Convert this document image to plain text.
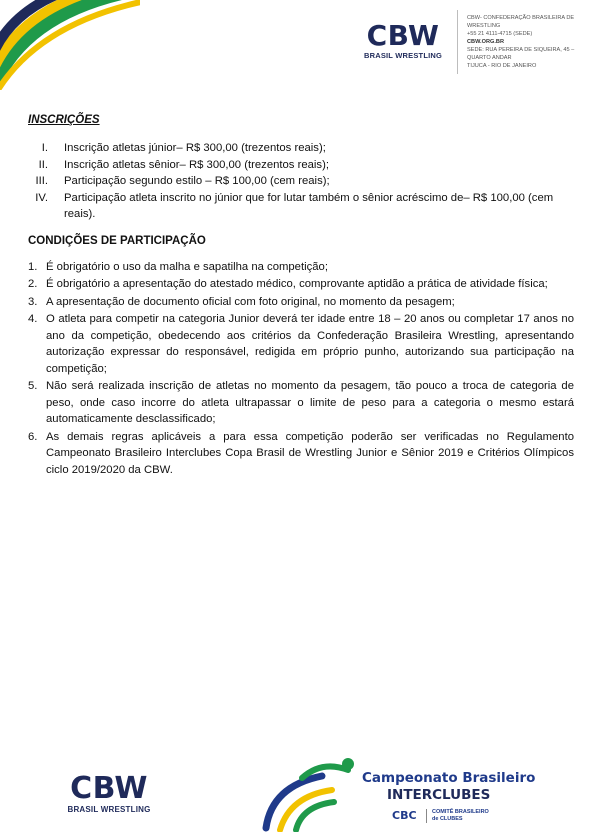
CBW
BRASIL WRESTLING
CBW- CONFEDERAÇÃO BRASILEIRA DE WRESTLING
+55 21 4111-4715 (SEDE)
CBW.ORG.BR
SEDE: RUA PEREIRA DE SIQUEIRA, 45 – QUARTO ANDAR
TIJUCA - RIO DE JANEIRO
INSCRIÇÕES
I. Inscrição atletas júnior– R$ 300,00 (trezentos reais);
II. Inscrição atletas sênior– R$ 300,00 (trezentos reais);
III. Participação segundo estilo – R$ 100,00 (cem reais);
IV. Participação atleta inscrito no júnior que for lutar também o sênior acréscimo de– R$ 100,00 (cem reais).
CONDIÇÕES DE PARTICIPAÇÃO
1. É obrigatório o uso da malha e sapatilha na competição;
2. É obrigatório a apresentação do atestado médico, comprovante aptidão a prática de atividade física;
3. A apresentação de documento oficial com foto original, no momento da pesagem;
4. O atleta para competir na categoria Junior deverá ter idade entre 18 – 20 anos ou completar 17 anos no ano da competição, obedecendo aos critérios da Confederação Brasileira Wrestling, apresentando autorização expressar do responsável, redigida em próprio punho, autorizando sua participação na competição;
5. Não será realizada inscrição de atletas no momento da pesagem, tão pouco a troca de categoria de peso, onde caso incorre do atleta ultrapassar o limite de peso para a categoria o mesmo estará automaticamente desclassificado;
6. As demais regras aplicáveis a para essa competição poderão ser verificadas no Regulamento Campeonato Brasileiro Interclubes Copa Brasil de Wrestling Junior e Sênior 2019 e Critérios Olímpicos ciclo 2019/2020 da CBW.
CBW
BRASIL WRESTLING
Campeonato Brasileiro
INTERCLUBES
CBC	COMITÊ BRASILEIRO de CLUBES
